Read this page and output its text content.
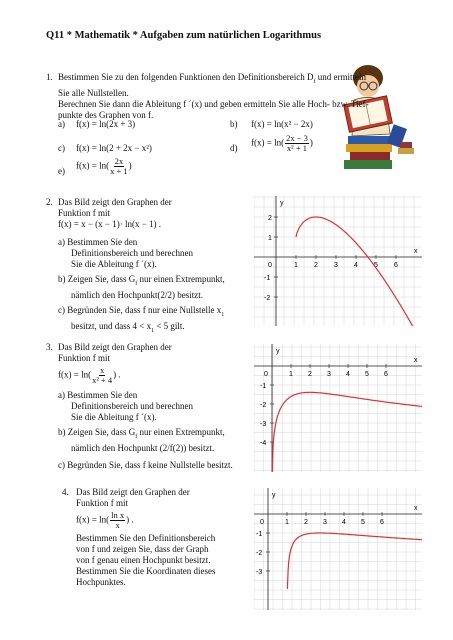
Q11 * Mathematik * Aufgaben zum natürlichen Logarithmus
1. Bestimmen Sie zu den folgenden Funktionen den Definitionsbereich $D_f$ und ermitteln
Sie alle Nullstellen.
Berechnen Sie dann die Ableitung f ´(x) und geben ermitteln Sie alle Hoch- bzw. Tief-
punkte des Graphen von f.
a) f(x) = ln(2x + 3)	b) f(x) = ln(x² − 2x)
c) f(x) = ln(2 + 2x − x²)	d)
$f(x) = \ln( \frac{2x - 3}{\text{x² + 1}}$ )
e)
$f(x) = \ln( \frac{2x}{x + 1}$ )
2. Das Bild zeigt den Graphen der
Funktion f mit
f(x) = x − (x − 1)· ln(x − 1) .
a) Bestimmen Sie den
Definitionsbereich und berechnen
Sie die Ableitung f ´(x).
b) Zeigen Sie, dass $G_f$ nur einen Extrempunkt,
nämlich den Hochpunkt(2/2) besitzt.
c) Begründen Sie, dass f nur eine Nullstelle $x_1$
besitzt, und dass $4 < x_1 < 5$ gilt.
3. Das Bild zeigt den Graphen der
Funktion f mit
$f(x) = \ln( \frac{x}{\text{x² + 4}}$ ) .
a) Bestimmen Sie den
Definitionsbereich und berechnen
Sie die Ableitung f ´(x).
b) Zeigen Sie, dass $G_f$ nur einen Extrempunkt,
nämlich den Hochpunkt (2/f(2)) besitzt.
c) Begründen Sie, dass f keine Nullstelle besitzt.
4. Das Bild zeigt den Graphen der
Funktion f mit
$f(x) = \ln( \frac{\text{ln x}}{x}$ ) .
Bestimmen Sie den Definitionsbereich
von f und zeigen Sie, dass der Graph
von f genau einen Hochpunkt besitzt.
Bestimmen Sie die Koordinaten dieses
Hochpunktes.
x
y
0	1 2 3 4 5 6
2
1
-1
-2
x
y
0	1 2 3 4 5 6
-1
-2
-3
-4
x
y
0	1 2 3 4 5 6
-1
-2
-3
